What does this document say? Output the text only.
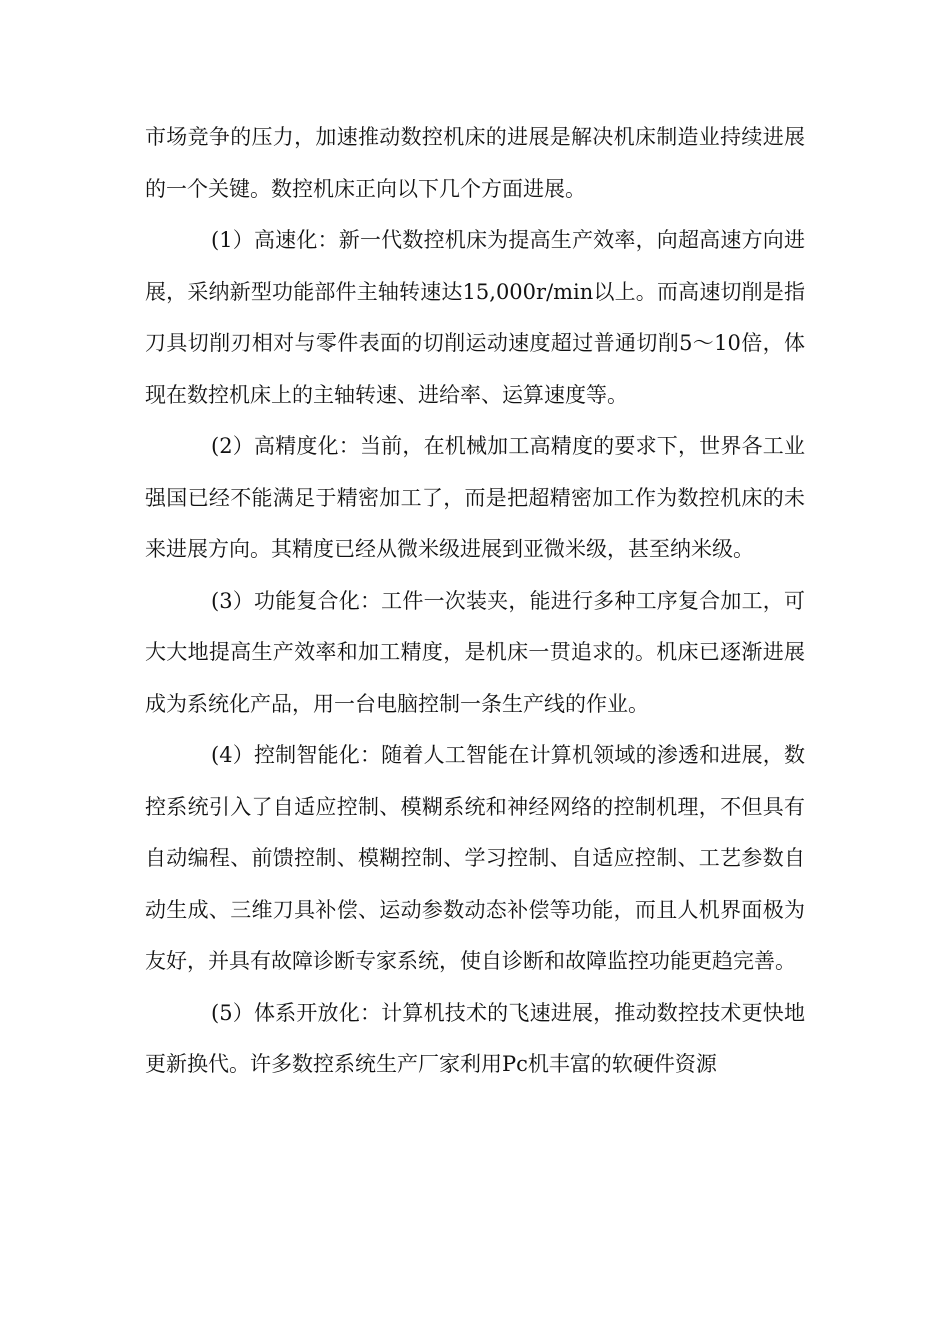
市场竞争的压力，加速推动数控机床的进展是解决机床制造业持续进展的一个关键。数控机床正向以下几个方面进展。

(1）高速化：新一代数控机床为提高生产效率，向超高速方向进展，采纳新型功能部件主轴转速达15,000r/min以上。而高速切削是指刀具切削刃相对与零件表面的切削运动速度超过普通切削5～10倍，体现在数控机床上的主轴转速、进给率、运算速度等。

(2）高精度化：当前，在机械加工高精度的要求下，世界各工业强国已经不能满足于精密加工了，而是把超精密加工作为数控机床的未来进展方向。其精度已经从微米级进展到亚微米级，甚至纳米级。

(3）功能复合化：工件一次装夹，能进行多种工序复合加工，可大大地提高生产效率和加工精度，是机床一贯追求的。机床已逐渐进展成为系统化产品，用一台电脑控制一条生产线的作业。

(4）控制智能化：随着人工智能在计算机领域的渗透和进展，数控系统引入了自适应控制、模糊系统和神经网络的控制机理，不但具有自动编程、前馈控制、模糊控制、学习控制、自适应控制、工艺参数自动生成、三维刀具补偿、运动参数动态补偿等功能，而且人机界面极为友好，并具有故障诊断专家系统，使自诊断和故障监控功能更趋完善。

(5）体系开放化：计算机技术的飞速进展，推动数控技术更快地更新换代。许多数控系统生产厂家利用Pc机丰富的软硬件资源
